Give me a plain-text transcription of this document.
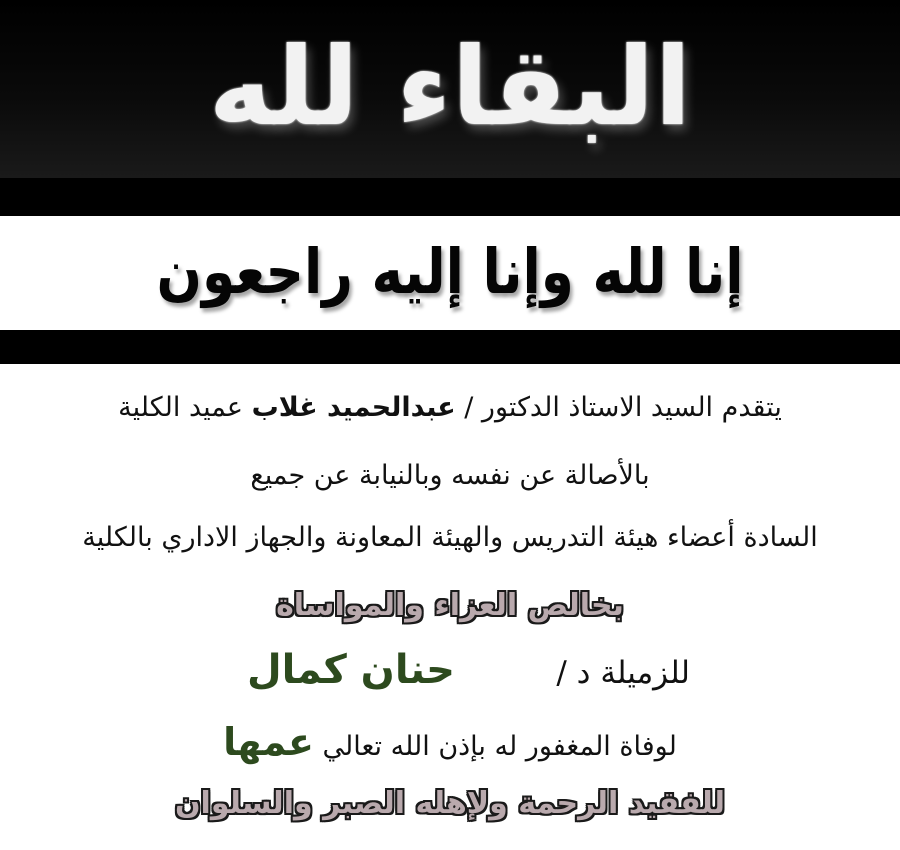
البقاء لله
إنا لله وإنا إليه راجعون
يتقدم السيد الاستاذ الدكتور / عبدالحميد غلاب عميد الكلية
بالأصالة عن نفسه وبالنيابة عن جميع
السادة أعضاء هيئة التدريس والهيئة المعاونة والجهاز الاداري بالكلية
بخالص العزاء والمواساة
للزميلة د /
حنان كمال
لوفاة المغفور له بإذن الله تعالي عمها
للفقيد الرحمة ولإهله الصبر والسلوان
